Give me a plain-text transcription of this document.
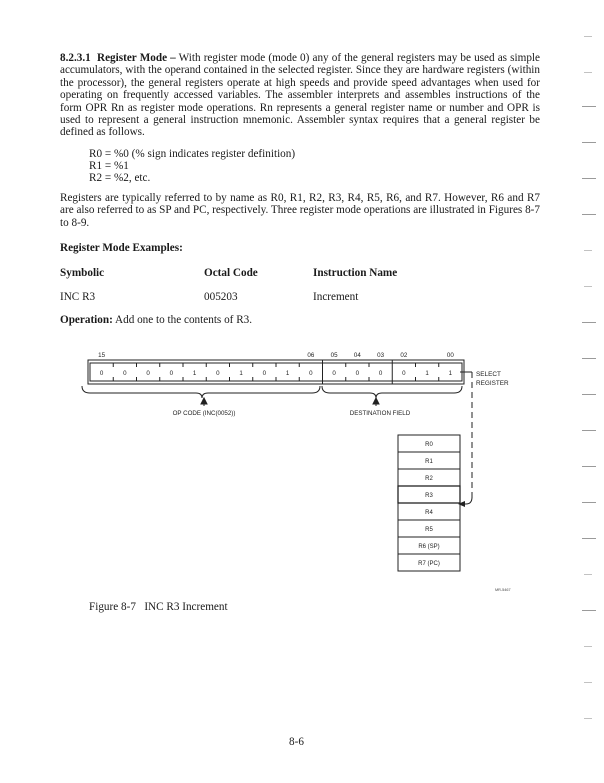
8.2.3.1 Register Mode – With register mode (mode 0) any of the general registers may be used as simple accumulators, with the operand contained in the selected register. Since they are hardware registers (within the processor), the general registers operate at high speeds and provide speed advantages when used for operating on frequently accessed variables. The assembler interprets and assembles instructions of the form OPR Rn as register mode operations. Rn represents a general register name or number and OPR is used to represent a general instruction mnemonic. Assembler syntax requires that a general register be defined as follows.

R0 = %0 (% sign indicates register definition)

R1 = %1

R2 = %2, etc.

Registers are typically referred to by name as R0, R1, R2, R3, R4, R5, R6, and R7. However, R6 and R7 are also referred to as SP and PC, respectively. Three register mode operations are illustrated in Figures 8-7 to 8-9.

Register Mode Examples:

Symbolic	Octal Code	Instruction Name

INC R3	005203	Increment

Operation: Add one to the contents of R3.

15	06	05	04	03	02	00
0	0	0	0	1	0	1	0	1	0	0	0	0	0	1	1
OP CODE (INC(0052))	DESTINATION FIELD
SELECT
REGISTER
R0
R1
R2
R3
R4
R5
R6 (SP)
R7 (PC)
MR-5467

Figure 8-7 INC R3 Increment

8-6
